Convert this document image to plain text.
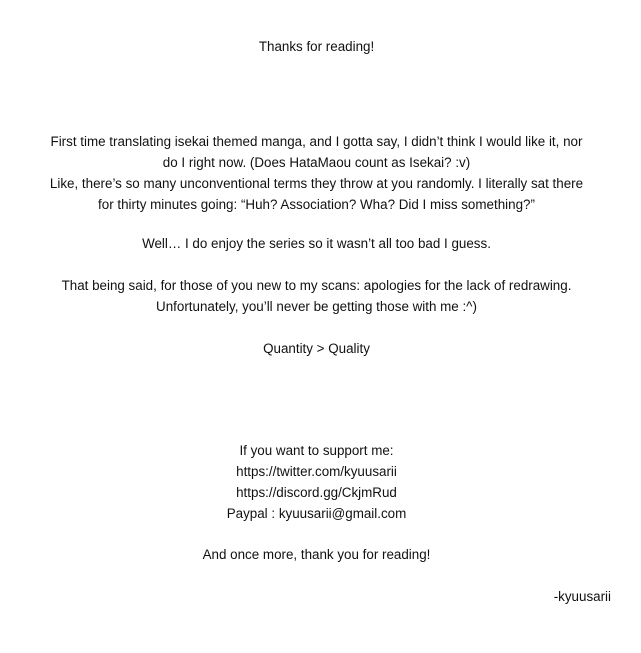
Thanks for reading!
First time translating isekai themed manga, and I gotta say, I didn’t think I would like it, nor
do I right now. (Does HataMaou count as Isekai? :v)
Like, there’s so many unconventional terms they throw at you randomly. I literally sat there
for thirty minutes going: “Huh? Association? Wha? Did I miss something?”
Well… I do enjoy the series so it wasn’t all too bad I guess.
That being said, for those of you new to my scans: apologies for the lack of redrawing.
Unfortunately, you’ll never be getting those with me :^)
Quantity > Quality
If you want to support me:
https://twitter.com/kyuusarii
https://discord.gg/CkjmRud
Paypal : kyuusarii@gmail.com
And once more, thank you for reading!
-kyuusarii
